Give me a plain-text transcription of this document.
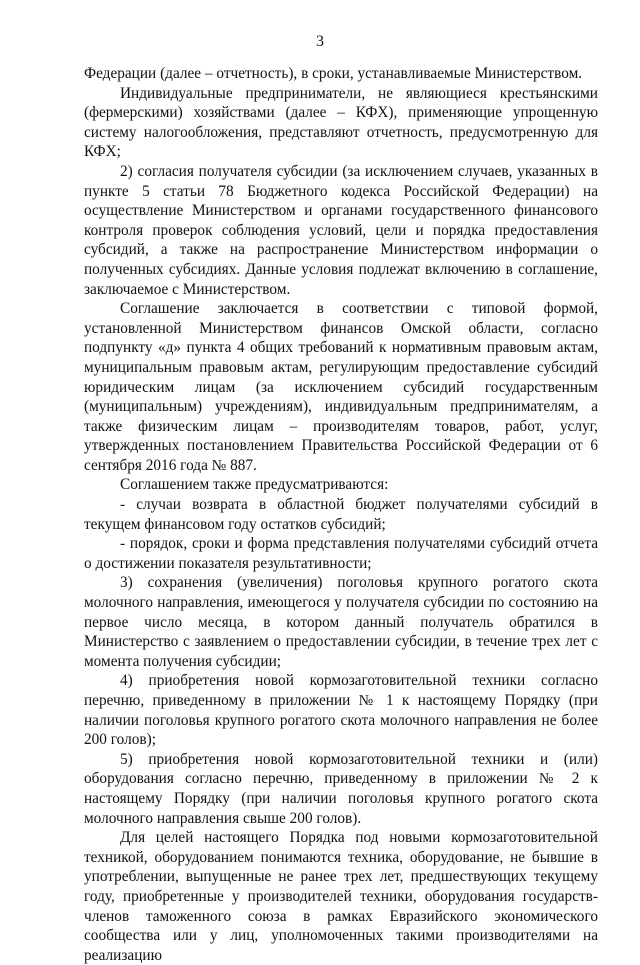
3

Федерации (далее – отчетность), в сроки, устанавливаемые Министерством.

Индивидуальные предприниматели, не являющиеся крестьянскими (фермерскими) хозяйствами (далее – КФХ), применяющие упрощенную систему налогообложения, представляют отчетность, предусмотренную для КФХ;

2) согласия получателя субсидии (за исключением случаев, указанных в пункте 5 статьи 78 Бюджетного кодекса Российской Федерации) на осуществление Министерством и органами государственного финансового контроля проверок соблюдения условий, цели и порядка предоставления субсидий, а также на распространение Министерством информации о полученных субсидиях. Данные условия подлежат включению в соглашение, заключаемое с Министерством.

Соглашение заключается в соответствии с типовой формой, установленной Министерством финансов Омской области, согласно подпункту «д» пункта 4 общих требований к нормативным правовым актам, муниципальным правовым актам, регулирующим предоставление субсидий юридическим лицам (за исключением субсидий государственным (муниципальным) учреждениям), индивидуальным предпринимателям, а также физическим лицам – производителям товаров, работ, услуг, утвержденных постановлением Правительства Российской Федерации от 6 сентября 2016 года № 887.

Соглашением также предусматриваются:

- случаи возврата в областной бюджет получателями субсидий в текущем финансовом году остатков субсидий;

- порядок, сроки и форма представления получателями субсидий отчета о достижении показателя результативности;

3) сохранения (увеличения) поголовья крупного рогатого скота молочного направления, имеющегося у получателя субсидии по состоянию на первое число месяца, в котором данный получатель обратился в Министерство с заявлением о предоставлении субсидии, в течение трех лет с момента получения субсидии;

4) приобретения новой кормозаготовительной техники согласно перечню, приведенному в приложении № 1 к настоящему Порядку (при наличии поголовья крупного рогатого скота молочного направления не более 200 голов);

5) приобретения новой кормозаготовительной техники и (или) оборудования согласно перечню, приведенному в приложении № 2 к настоящему Порядку (при наличии поголовья крупного рогатого скота молочного направления свыше 200 голов).

Для целей настоящего Порядка под новыми кормозаготовительной техникой, оборудованием понимаются техника, оборудование, не бывшие в употреблении, выпущенные не ранее трех лет, предшествующих текущему году, приобретенные у производителей техники, оборудования государств-членов таможенного союза в рамках Евразийского экономического сообщества или у лиц, уполномоченных такими производителями на реализацию
